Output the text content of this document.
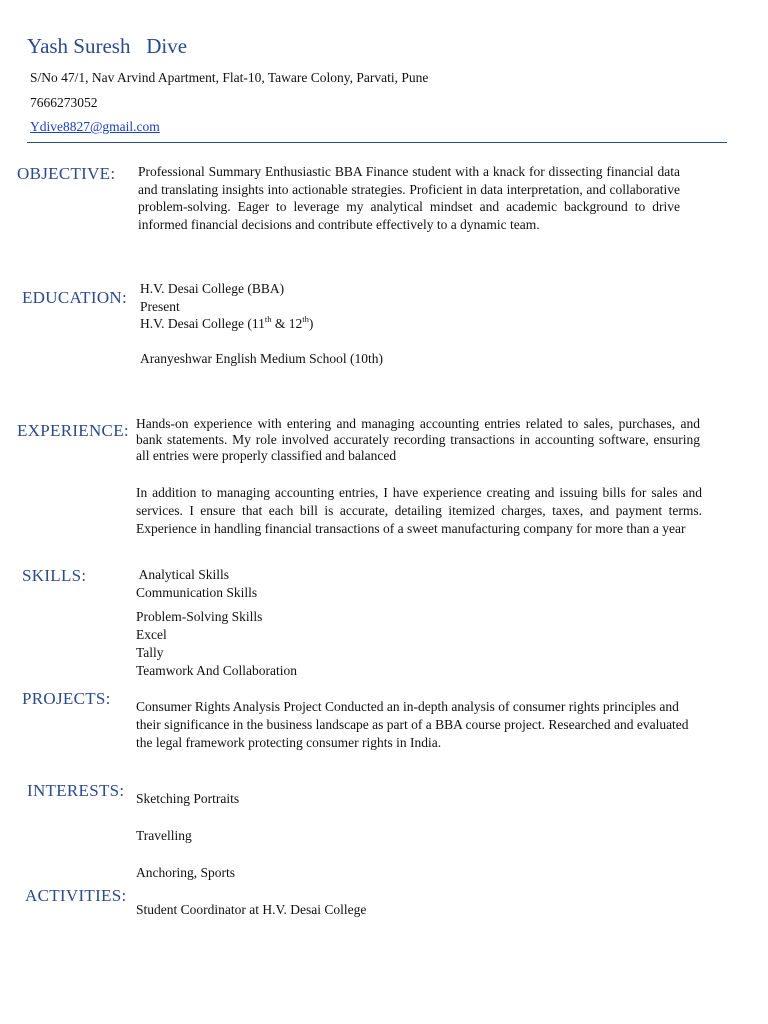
Yash Suresh   Dive
S/No 47/1, Nav Arvind Apartment, Flat-10, Taware Colony, Parvati, Pune
7666273052
Ydive8827@gmail.com
OBJECTIVE: Professional Summary Enthusiastic BBA Finance student with a knack for dissecting financial data and translating insights into actionable strategies. Proficient in data interpretation, and collaborative problem-solving. Eager to leverage my analytical mindset and academic background to drive informed financial decisions and contribute effectively to a dynamic team.
EDUCATION: H.V. Desai College (BBA)
Present
H.V. Desai College (11th & 12th)
Aranyeshwar English Medium School (10th)
EXPERIENCE: Hands-on experience with entering and managing accounting entries related to sales, purchases, and bank statements. My role involved accurately recording transactions in accounting software, ensuring all entries were properly classified and balanced
In addition to managing accounting entries, I have experience creating and issuing bills for sales and services. I ensure that each bill is accurate, detailing itemized charges, taxes, and payment terms. Experience in handling financial transactions of a sweet manufacturing company for more than a year
SKILLS:	Analytical Skills
Communication Skills
Problem-Solving Skills
Excel
Tally
Teamwork And Collaboration
PROJECTS: Consumer Rights Analysis Project Conducted an in-depth analysis of consumer rights principles and their significance in the business landscape as part of a BBA course project. Researched and evaluated the legal framework protecting consumer rights in India.
INTERESTS: Sketching Portraits
Travelling
Anchoring, Sports
ACTIVITIES:
Student Coordinator at H.V. Desai College
